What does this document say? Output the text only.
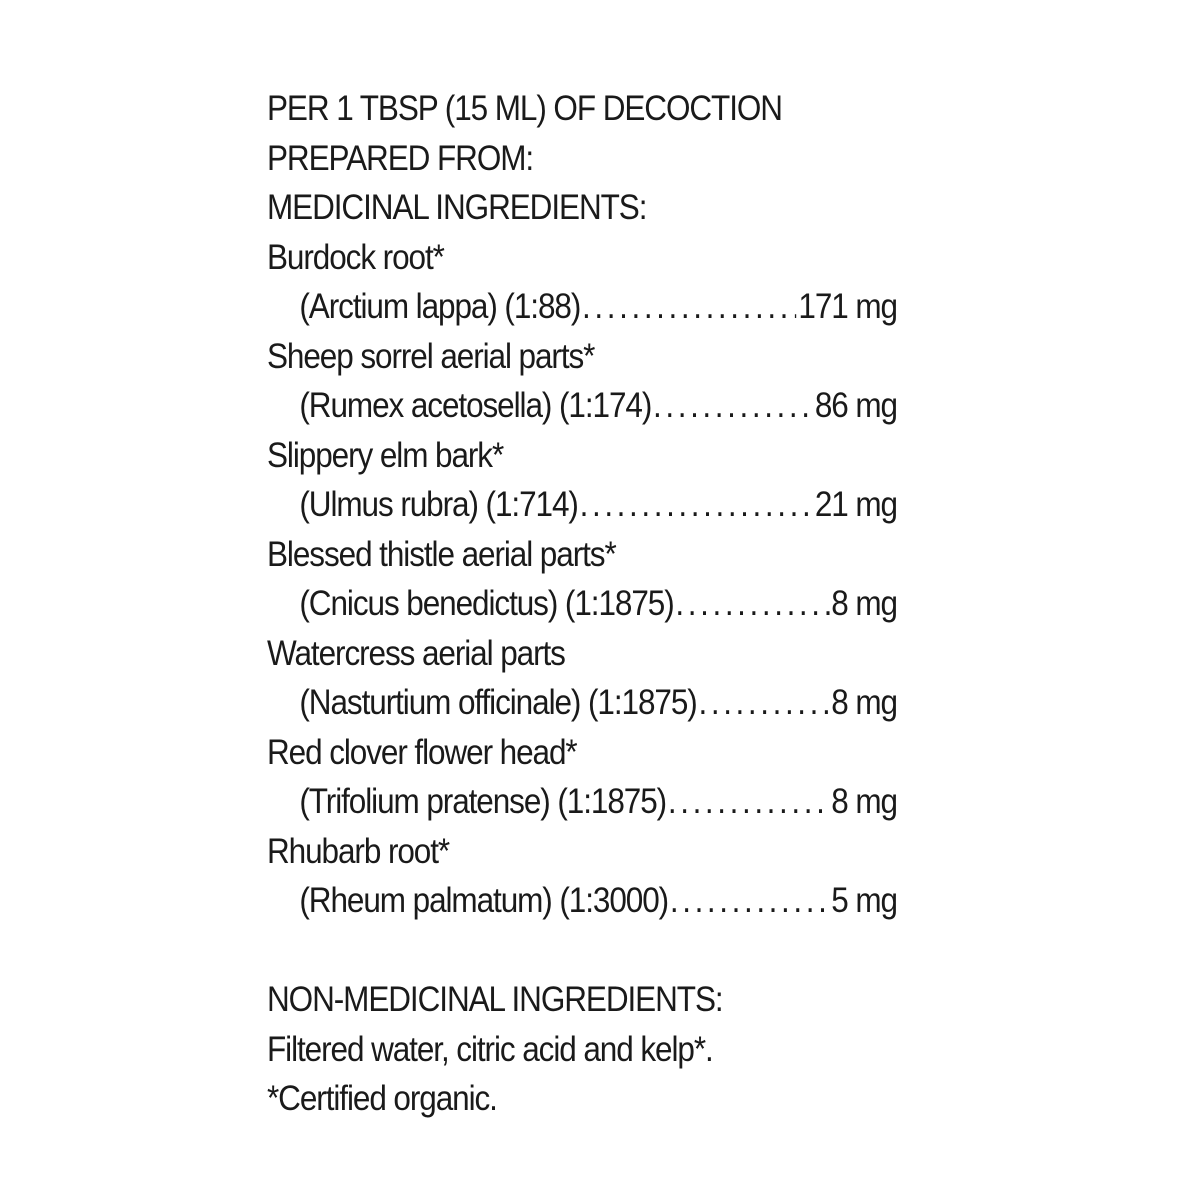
PER 1 TBSP (15 ML) OF DECOCTION
PREPARED FROM:
MEDICINAL INGREDIENTS:
Burdock root*
(Arctium lappa) (1:88) .....	171 mg
Sheep sorrel aerial parts*
(Rumex acetosella) (1:174) .....	86 mg
Slippery elm bark*
(Ulmus rubra) (1:714) .....	21 mg
Blessed thistle aerial parts*
(Cnicus benedictus) (1:1875) .....	8 mg
Watercress aerial parts
(Nasturtium officinale) (1:1875) .....	8 mg
Red clover flower head*
(Trifolium pratense) (1:1875) .....	8 mg
Rhubarb root*
(Rheum palmatum) (1:3000) .....	5 mg
NON-MEDICINAL INGREDIENTS:
Filtered water, citric acid and kelp*.
*Certified organic.
